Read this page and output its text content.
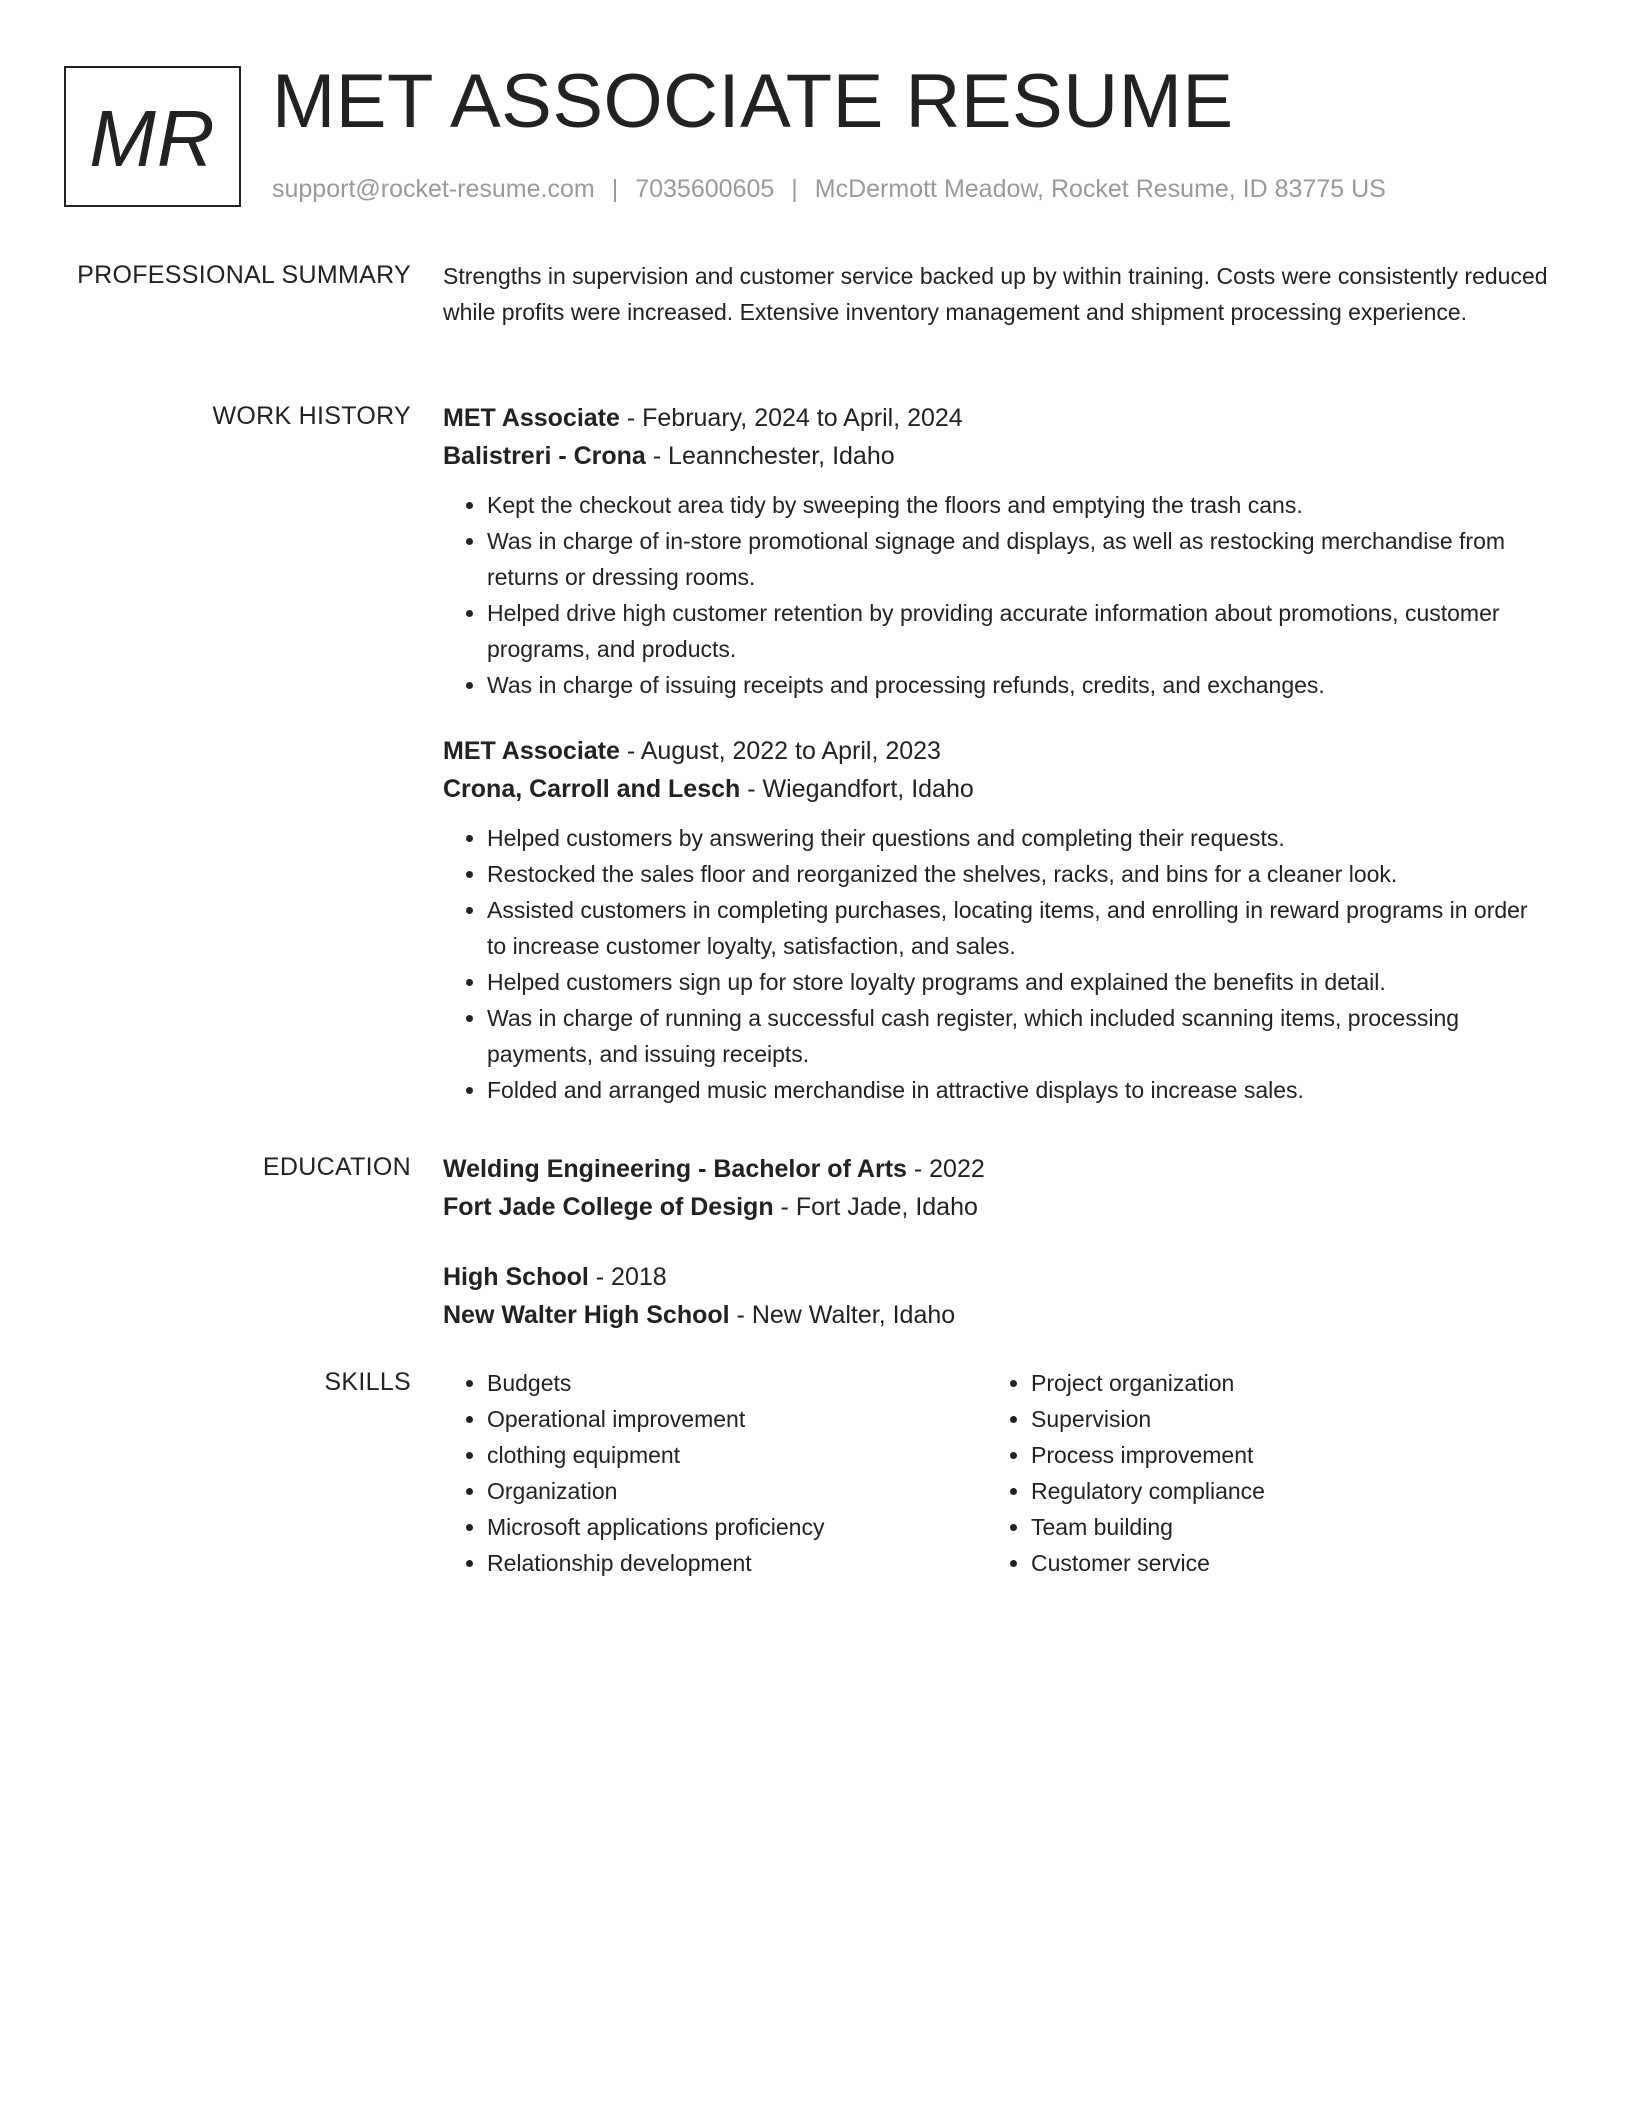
MR MET ASSOCIATE RESUME
support@rocket-resume.com | 7035600605 | McDermott Meadow, Rocket Resume, ID 83775 US
PROFESSIONAL SUMMARY Strengths in supervision and customer service backed up by within training. Costs were consistently reduced while profits were increased. Extensive inventory management and shipment processing experience.

WORK HISTORY MET Associate - February, 2024 to April, 2024
Balistreri - Crona - Leannchester, Idaho
• Kept the checkout area tidy by sweeping the floors and emptying the trash cans.
• Was in charge of in-store promotional signage and displays, as well as restocking merchandise from returns or dressing rooms.
• Helped drive high customer retention by providing accurate information about promotions, customer programs, and products.
• Was in charge of issuing receipts and processing refunds, credits, and exchanges.
MET Associate - August, 2022 to April, 2023
Crona, Carroll and Lesch - Wiegandfort, Idaho
• Helped customers by answering their questions and completing their requests.
• Restocked the sales floor and reorganized the shelves, racks, and bins for a cleaner look.
• Assisted customers in completing purchases, locating items, and enrolling in reward programs in order to increase customer loyalty, satisfaction, and sales.
• Helped customers sign up for store loyalty programs and explained the benefits in detail.
• Was in charge of running a successful cash register, which included scanning items, processing payments, and issuing receipts.
• Folded and arranged music merchandise in attractive displays to increase sales.
EDUCATION Welding Engineering - Bachelor of Arts - 2022
Fort Jade College of Design - Fort Jade, Idaho
High School - 2018
New Walter High School - New Walter, Idaho
SKILLS
•	Budgets
• Operational improvement
• clothing equipment
• Organization
• Microsoft applications proficiency
• Relationship development
• Project organization
• Supervision
• Process improvement
• Regulatory compliance
• Team building
• Customer service
